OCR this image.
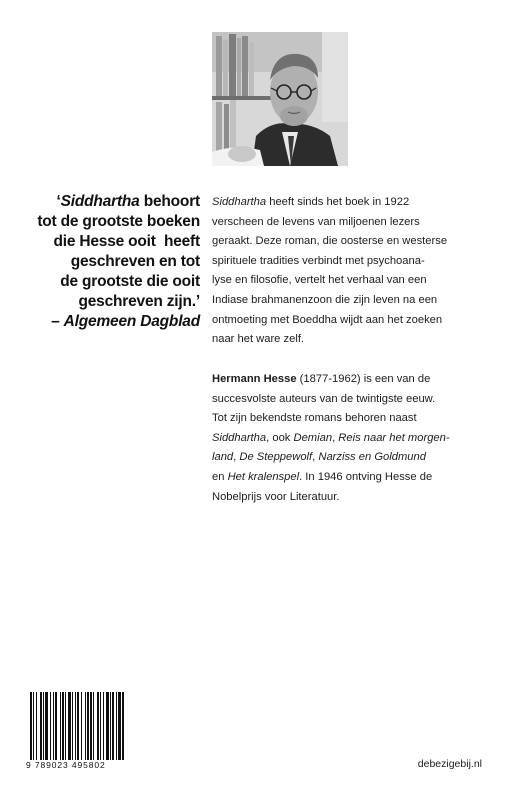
‘Siddhartha behoort
tot de grootste boeken
die Hesse ooit  heeft
geschreven en tot
de grootste die ooit
geschreven zijn.’
– Algemeen Dagblad
Siddhartha heeft sinds het boek in 1922
verscheen de levens van miljoenen lezers
geraakt. Deze roman, die oosterse en westerse
spirituele tradities verbindt met psychoana-
lyse en filosofie, vertelt het verhaal van een
Indiase brahmanenzoon die zijn leven na een
ontmoeting met Boeddha wijdt aan het zoeken
naar het ware zelf.
Hermann Hesse (1877-1962) is een van de
succesvolste auteurs van de twintigste eeuw.
Tot zijn bekendste romans behoren naast
Siddhartha, ook Demian, Reis naar het morgen-
land, De Steppewolf, Narziss en Goldmund
en Het kralenspel. In 1946 ontving Hesse de
Nobelprijs voor Literatuur.
9 789023 495802	debezigebij.nl
